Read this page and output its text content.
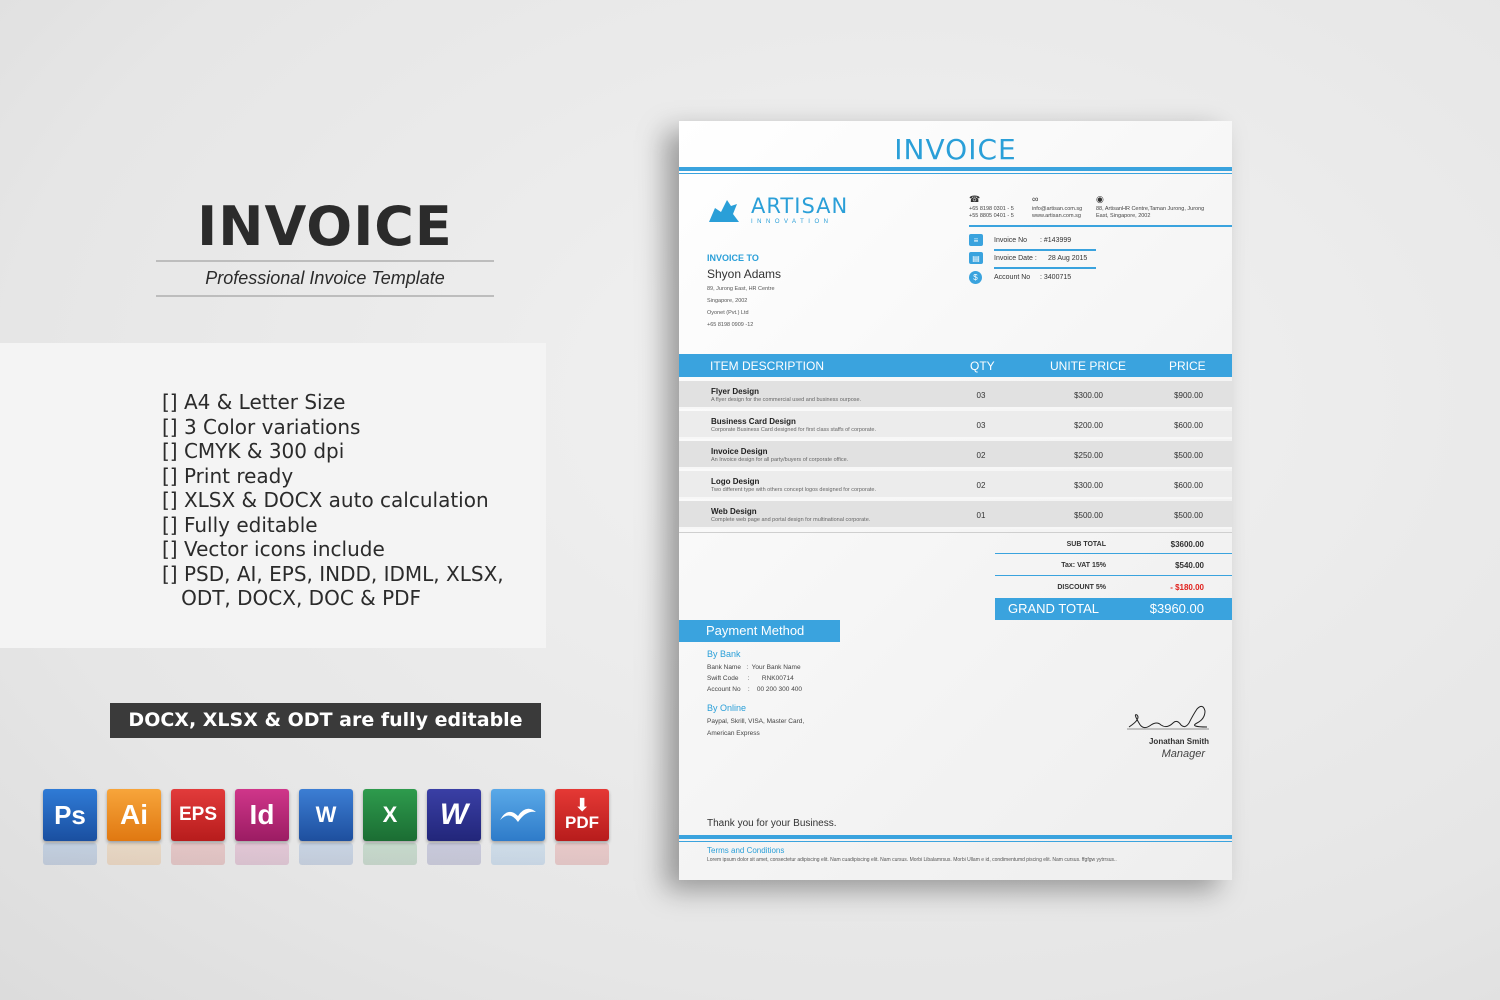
INVOICE
Professional Invoice Template
[] A4 & Letter Size
[] 3 Color variations
[] CMYK & 300 dpi
[] Print ready
[] XLSX & DOCX auto calculation
[] Fully editable
[] Vector icons include
[] PSD, AI, EPS, INDD, IDML, XLSX,
ODT, DOCX, DOC & PDF
DOCX, XLSX & ODT are fully editable
Ps	Ai	EPS	Id	W	X	W	⬇
PDF
INVOICE
ARTISAN
INNOVATION
☎
+65 8198 0301 - 5
+55 8805 0401 - 5
∞
info@artisan.com.sg
www.artisan.com.sg
◉
88, ArtisanHR Centre,Taman Jurong, Jurong
East, Singapore, 2002
≡	Invoice No	: #143999
▤	Invoice Date :	28 Aug 2015
$	Account No	: 3400715
INVOICE TO
Shyon Adams
89, Jurong East, HR Centre
Singapore, 2002
Oyonet (Pvt.) Ltd
+65 8198 0909 -12
ITEM DESCRIPTION	QTY	UNITE PRICE	PRICE
Flyer Design
A flyer design for the commercial used and business ourpose.	03	$300.00	$900.00
Business Card Design
Corporate Business Card designed for first class staffs of corporate.	03	$200.00	$600.00
Invoice Design
An Invoice design for all party/buyers of corporate office.	02	$250.00	$500.00
Logo Design
Two different type with others concept logos designed for corporate.	02	$300.00	$600.00
Web Design
Complete web page and portal design for multinational corporate.	01	$500.00	$500.00
SUB TOTAL	$3600.00
Tax: VAT 15%	$540.00
DISCOUNT 5%	- $180.00
GRAND TOTAL	$3960.00
Payment Method
By Bank
Bank Name   :  Your Bank Name
Swift Code     :       RNK00714
Account No    :    00 200 300 400
By Online
Paypal, Skrill, VISA, Master Card,
American Express
Jonathan Smith
Manager
Thank you for your Business.
Terms and Conditions
Lorem ipsum dolor sit amet, consectetur adipiscing elit. Nam cuadipiscing elit. Nam cursus. Morbi Libalamrsus. Morbi Ullam e id, condimentumd piscing elit. Nam cursus. ffgfgw yytrrsus..
